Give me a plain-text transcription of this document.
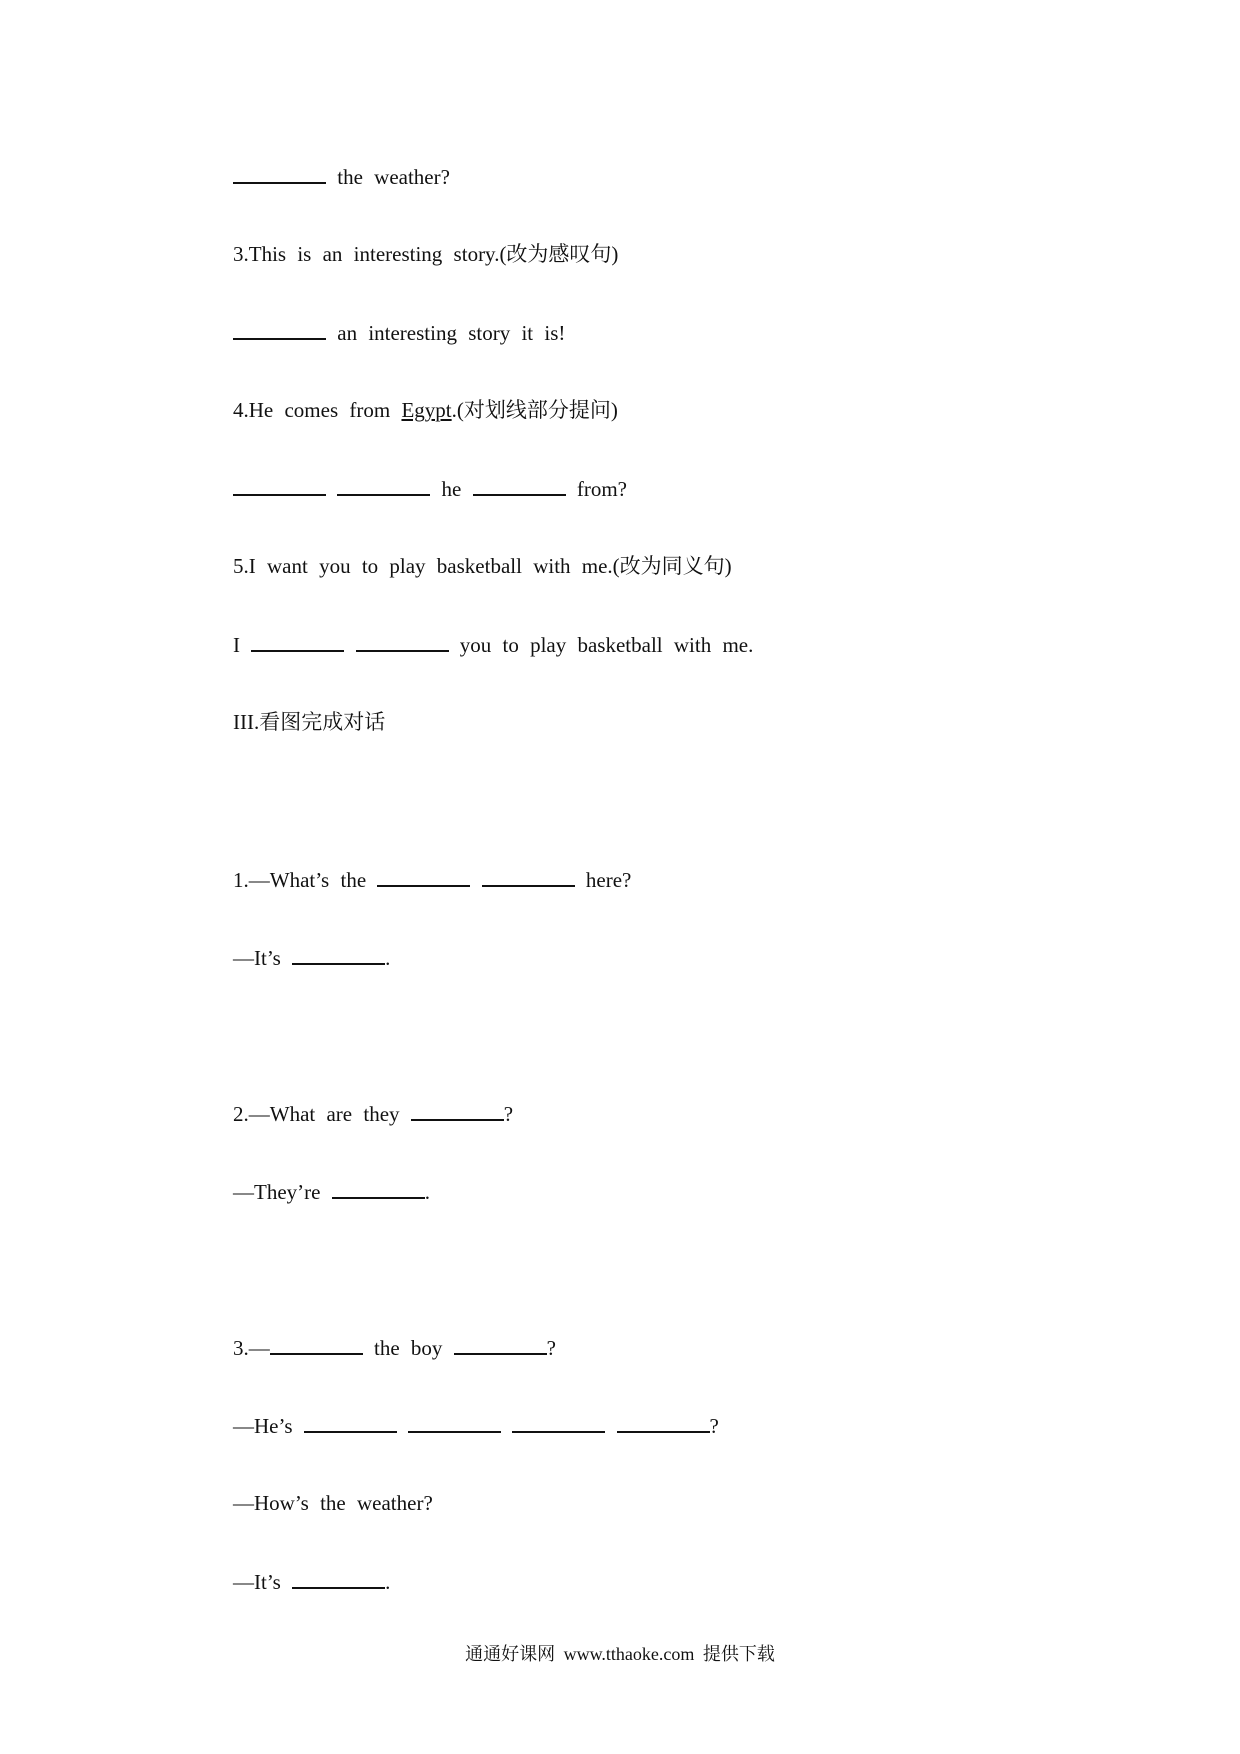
the weather?
3.This is an interesting story.(改为感叹句)
an interesting story it is!
4.He comes from Egypt.(对划线部分提问)
he	from?
5.I want you to play basketball with me.(改为同义句)
I	you to play basketball with me.
III.看图完成对话
1.—What’s the	here?
—It’s	.
2.—What are they	?
—They’re	.
3.—	the boy	?
—He’s	?
—How’s the weather?
—It’s	.
通通好课网 www.tthaoke.com 提供下载
